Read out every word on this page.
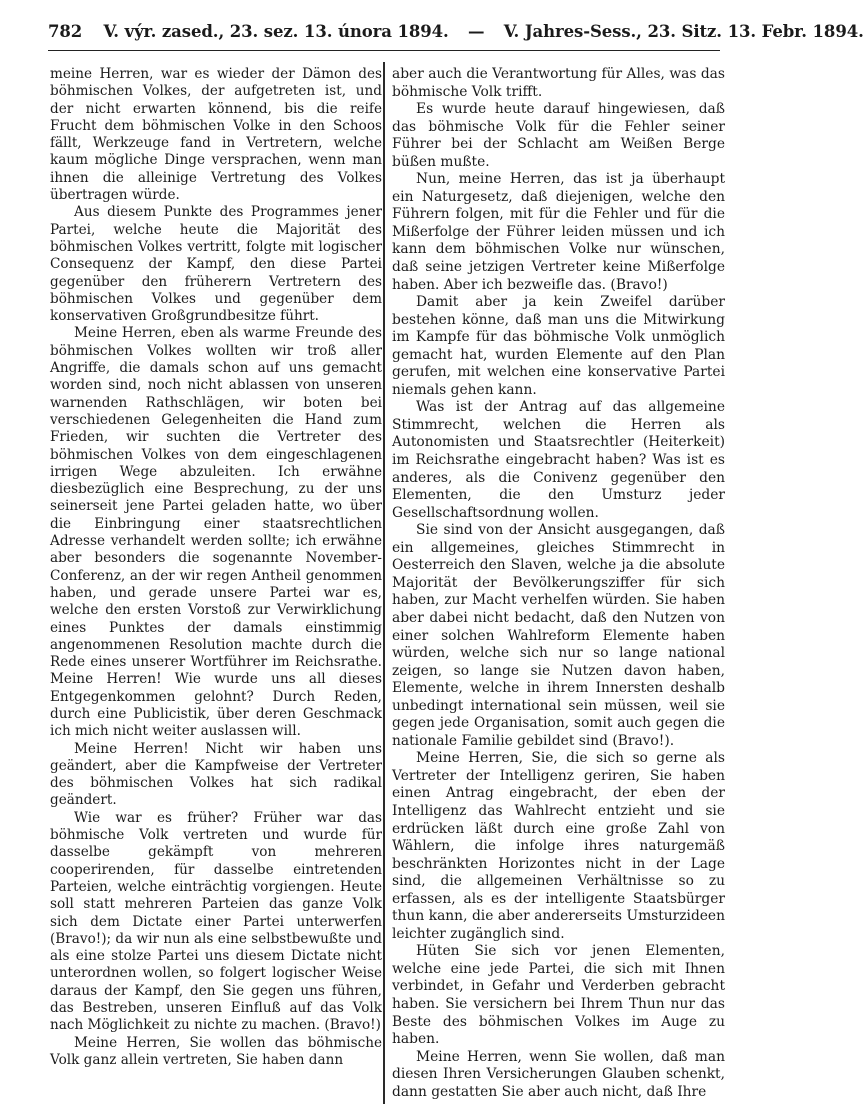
782 V. výr. zased., 23. sez. 13. února 1894. — V. Jahres-Sess., 23. Sitz. 13. Febr. 1894.

meine Herren, war es wieder der Dämon des böhmischen Volkes, der aufgetreten ist, und der nicht erwarten könnend, bis die reife Frucht dem böhmischen Volke in den Schoos fällt, Werkzeuge fand in Vertretern, welche kaum mögliche Dinge versprachen, wenn man ihnen die alleinige Vertretung des Volkes übertragen würde.

Aus diesem Punkte des Programmes jener Partei, welche heute die Majorität des böhmischen Volkes vertritt, folgte mit logischer Consequenz der Kampf, den diese Partei gegenüber den früherern Vertretern des böhmischen Volkes und gegenüber dem konservativen Großgrundbesitze führt.

Meine Herren, eben als warme Freunde des böhmischen Volkes wollten wir troß aller Angriffe, die damals schon auf uns gemacht worden sind, noch nicht ablassen von unseren warnenden Rathschlägen, wir boten bei verschiedenen Gelegenheiten die Hand zum Frieden, wir suchten die Vertreter des böhmischen Volkes von dem eingeschlagenen irrigen Wege abzuleiten. Ich erwähne diesbezüglich eine Besprechung, zu der uns seinerseit jene Partei geladen hatte, wo über die Einbringung einer staatsrechtlichen Adresse verhandelt werden sollte; ich erwähne aber besonders die sogenannte November-Conferenz, an der wir regen Antheil genommen haben, und gerade unsere Partei war es, welche den ersten Vorstoß zur Verwirklichung eines Punktes der damals einstimmig angenommenen Resolution machte durch die Rede eines unserer Wortführer im Reichsrathe. Meine Herren! Wie wurde uns all dieses Entgegenkommen gelohnt? Durch Reden, durch eine Publicistik, über deren Geschmack ich mich nicht weiter auslassen will.

Meine Herren! Nicht wir haben uns geändert, aber die Kampfweise der Vertreter des böhmischen Volkes hat sich radikal geändert.

Wie war es früher? Früher war das böhmische Volk vertreten und wurde für dasselbe gekämpft von mehreren cooperirenden, für dasselbe eintretenden Parteien, welche einträchtig vorgiengen. Heute soll statt mehreren Parteien das ganze Volk sich dem Dictate einer Partei unterwerfen (Bravo!); da wir nun als eine selbstbewußte und als eine stolze Partei uns diesem Dictate nicht unterordnen wollen, so folgert logischer Weise daraus der Kampf, den Sie gegen uns führen, das Bestreben, unseren Einfluß auf das Volk nach Möglichkeit zu nichte zu machen. (Bravo!)

Meine Herren, Sie wollen das böhmische Volk ganz allein vertreten, Sie haben dann

aber auch die Verantwortung für Alles, was das böhmische Volk trifft.

Es wurde heute darauf hingewiesen, daß das böhmische Volk für die Fehler seiner Führer bei der Schlacht am Weißen Berge büßen mußte.

Nun, meine Herren, das ist ja überhaupt ein Naturgesetz, daß diejenigen, welche den Führern folgen, mit für die Fehler und für die Mißerfolge der Führer leiden müssen und ich kann dem böhmischen Volke nur wünschen, daß seine jetzigen Vertreter keine Mißerfolge haben. Aber ich bezweifle das. (Bravo!)

Damit aber ja kein Zweifel darüber bestehen könne, daß man uns die Mitwirkung im Kampfe für das böhmische Volk unmöglich gemacht hat, wurden Elemente auf den Plan gerufen, mit welchen eine konservative Partei niemals gehen kann.

Was ist der Antrag auf das allgemeine Stimmrecht, welchen die Herren als Autonomisten und Staatsrechtler (Heiterkeit) im Reichsrathe eingebracht haben? Was ist es anderes, als die Conivenz gegenüber den Elementen, die den Umsturz jeder Gesellschaftsordnung wollen.

Sie sind von der Ansicht ausgegangen, daß ein allgemeines, gleiches Stimmrecht in Oesterreich den Slaven, welche ja die absolute Majorität der Bevölkerungsziffer für sich haben, zur Macht verhelfen würden. Sie haben aber dabei nicht bedacht, daß den Nutzen von einer solchen Wahlreform Elemente haben würden, welche sich nur so lange national zeigen, so lange sie Nutzen davon haben, Elemente, welche in ihrem Innersten deshalb unbedingt international sein müssen, weil sie gegen jede Organisation, somit auch gegen die nationale Familie gebildet sind (Bravo!).

Meine Herren, Sie, die sich so gerne als Vertreter der Intelligenz geriren, Sie haben einen Antrag eingebracht, der eben der Intelligenz das Wahlrecht entzieht und sie erdrücken läßt durch eine große Zahl von Wählern, die infolge ihres naturgemäß beschränkten Horizontes nicht in der Lage sind, die allgemeinen Verhältnisse so zu erfassen, als es der intelligente Staatsbürger thun kann, die aber andererseits Umsturzideen leichter zugänglich sind.

Hüten Sie sich vor jenen Elementen, welche eine jede Partei, die sich mit Ihnen verbindet, in Gefahr und Verderben gebracht haben. Sie versichern bei Ihrem Thun nur das Beste des böhmischen Volkes im Auge zu haben.

Meine Herren, wenn Sie wollen, daß man diesen Ihren Versicherungen Glauben schenkt, dann gestatten Sie aber auch nicht, daß Ihre
